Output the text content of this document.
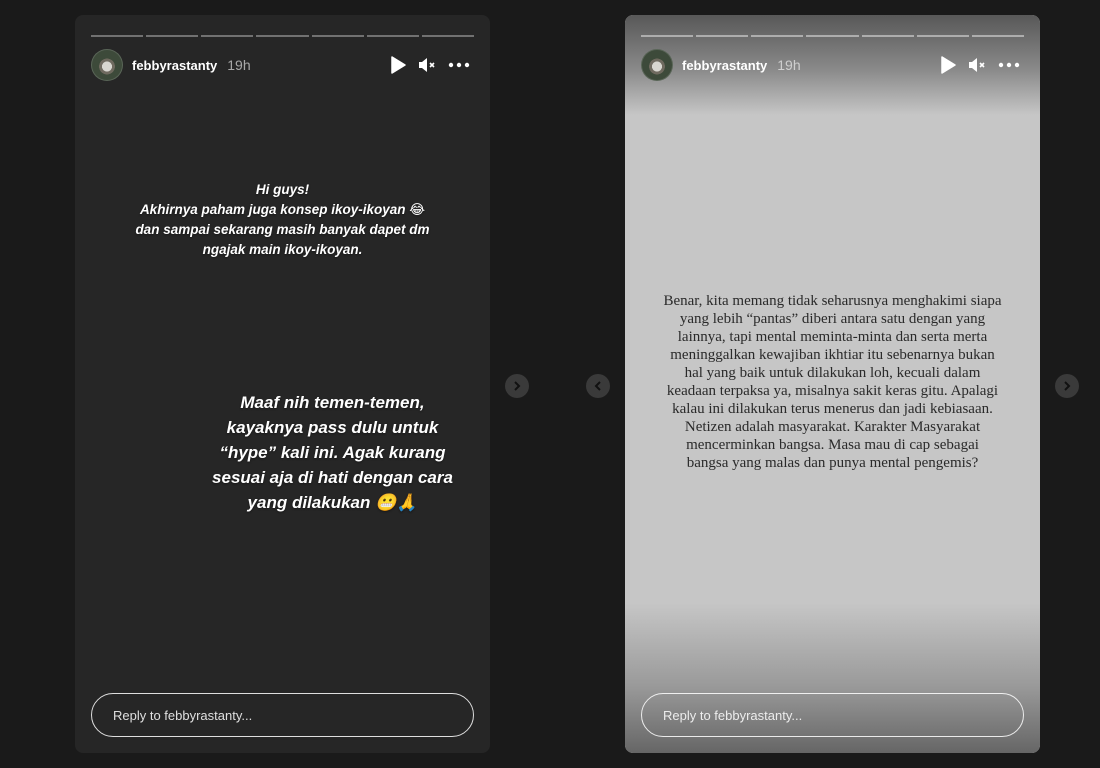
febbyrastanty 19h
Hi guys!
Akhirnya paham juga konsep ikoy-ikoyan 😂
dan sampai sekarang masih banyak dapet dm
ngajak main ikoy-ikoyan.
Maaf nih temen-temen,
kayaknya pass dulu untuk
“hype” kali ini. Agak kurang
sesuai aja di hati dengan cara
yang dilakukan 😬🙏
Reply to febbyrastanty...
febbyrastanty 19h
Benar, kita memang tidak seharusnya menghakimi siapa
yang lebih “pantas” diberi antara satu dengan yang
lainnya, tapi mental meminta-minta dan serta merta
meninggalkan kewajiban ikhtiar itu sebenarnya bukan
hal yang baik untuk dilakukan loh, kecuali dalam
keadaan terpaksa ya, misalnya sakit keras gitu. Apalagi
kalau ini dilakukan terus menerus dan jadi kebiasaan.
Netizen adalah masyarakat. Karakter Masyarakat
mencerminkan bangsa. Masa mau di cap sebagai
bangsa yang malas dan punya mental pengemis?
Reply to febbyrastanty...
